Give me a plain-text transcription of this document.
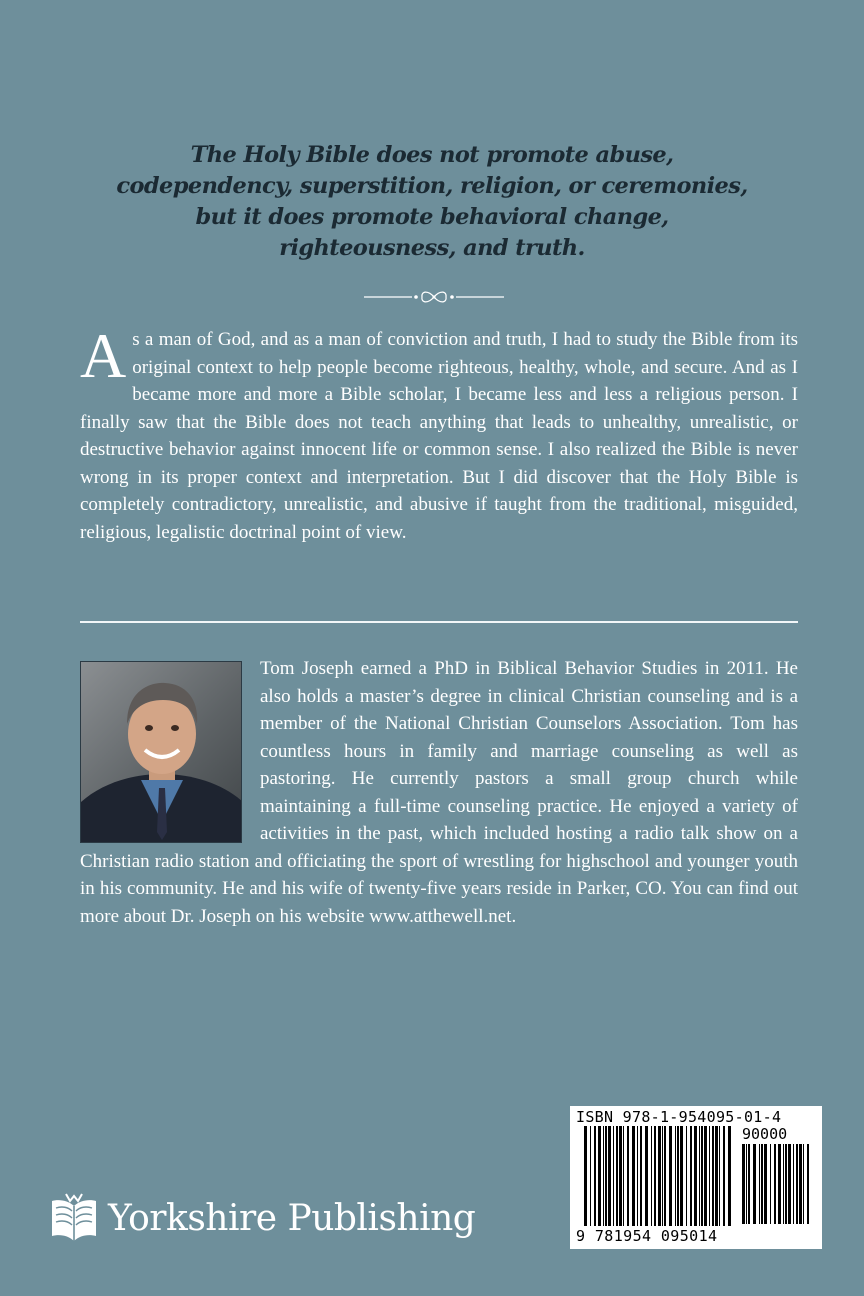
The Holy Bible does not promote abuse,
codependency, superstition, religion, or ceremonies,
but it does promote behavioral change,
righteousness, and truth.
A s a man of God, and as a man of conviction and truth, I had to study the Bible from its original context to help people become righteous, healthy, whole, and secure. And as I became more and more a Bible scholar, I became less and less a religious person. I finally saw that the Bible does not teach anything that leads to unhealthy, unrealistic, or destructive behavior against innocent life or common sense. I also realized the Bible is never wrong in its proper context and interpretation. But I did discover that the Holy Bible is completely contradictory, unrealistic, and abusive if taught from the traditional, misguided, religious, legalistic doctrinal point of view.
Tom Joseph earned a PhD in Biblical Behavior Studies in 2011. He also holds a master’s degree in clinical Christian counseling and is a member of the National Christian Counselors Association. Tom has countless hours in family and marriage counseling as well as pastoring. He currently pastors a small group church while maintaining a full-time counseling practice. He enjoyed a variety of activities in the past, which included hosting a radio talk show on a Christian radio station and officiating the sport of wrestling for highschool and younger youth in his community. He and his wife of twenty-five years reside in Parker, CO. You can find out more about Dr. Joseph on his website www.atthewell.net.
Yorkshire Publishing
ISBN 978-1-954095-01-4
90000
9 781954 095014
